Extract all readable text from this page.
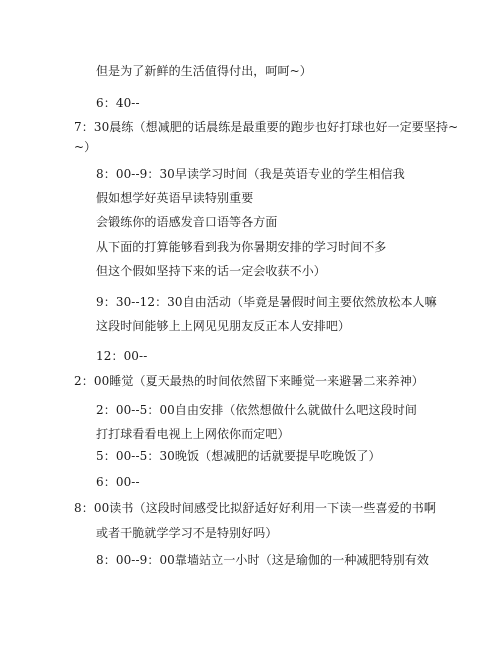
但是为了新鲜的生活值得付出，呵呵~）
6：40--
7：30晨练（想减肥的话晨练是最重要的跑步也好打球也好一定要坚持~
~）
8：00--9：30早读学习时间（我是英语专业的学生相信我
假如想学好英语早读特别重要
会锻练你的语感发音口语等各方面
从下面的打算能够看到我为你暑期安排的学习时间不多
但这个假如坚持下来的话一定会收获不小）
9：30--12：30自由活动（毕竟是暑假时间主要依然放松本人嘛
这段时间能够上上网见见朋友反正本人安排吧）
12：00--
2：00睡觉（夏天最热的时间依然留下来睡觉一来避暑二来养神）
2：00--5：00自由安排（依然想做什么就做什么吧这段时间
打打球看看电视上上网依你而定吧）
5：00--5：30晚饭（想减肥的话就要提早吃晚饭了）
6：00--
8：00读书（这段时间感受比拟舒适好好利用一下读一些喜爱的书啊
或者干脆就学学习不是特别好吗）
8：00--9：00靠墙站立一小时（这是瑜伽的一种减肥特别有效
